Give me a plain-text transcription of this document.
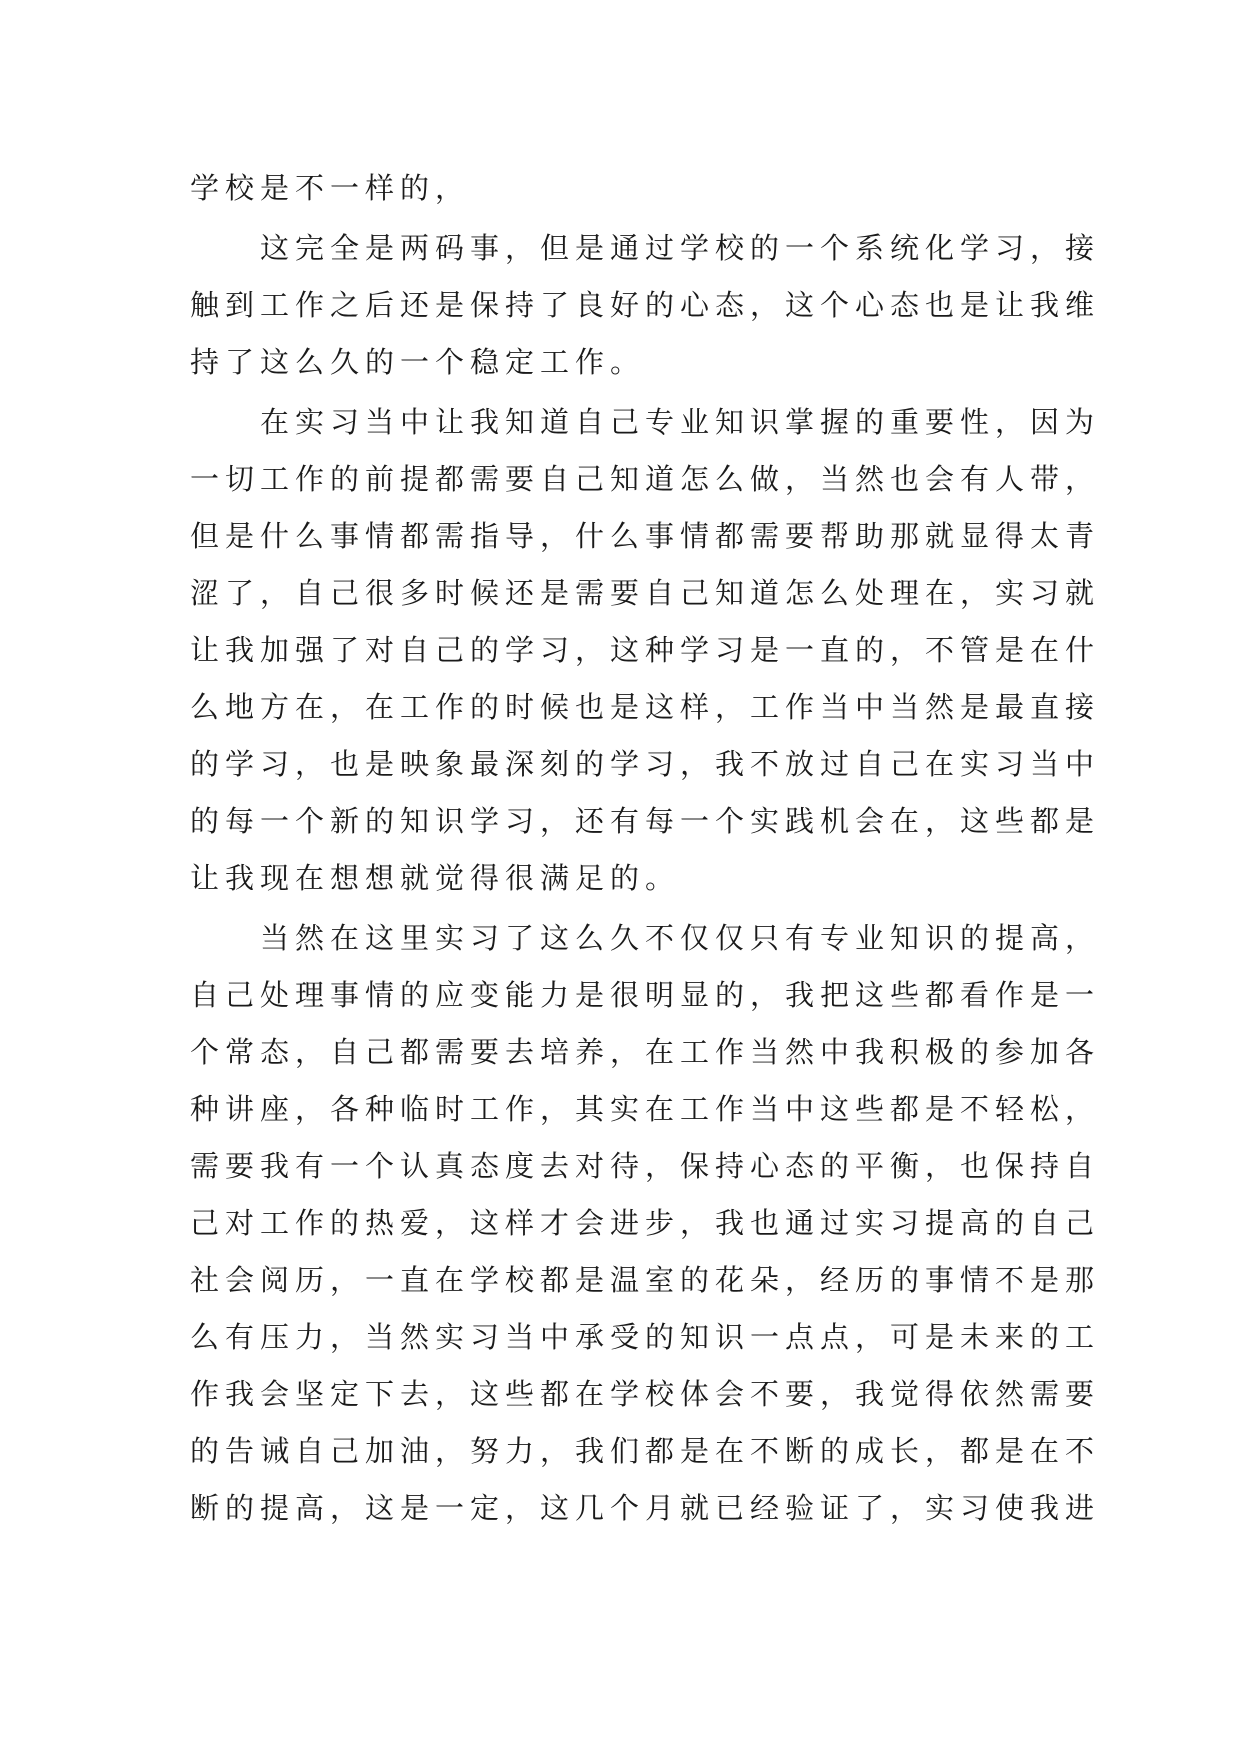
学校是不一样的，
　　这完全是两码事，但是通过学校的一个系统化学习，接
触到工作之后还是保持了良好的心态，这个心态也是让我维
持了这么久的一个稳定工作。
　　在实习当中让我知道自己专业知识掌握的重要性，因为
一切工作的前提都需要自己知道怎么做，当然也会有人带，
但是什么事情都需指导，什么事情都需要帮助那就显得太青
涩了，自己很多时候还是需要自己知道怎么处理在，实习就
让我加强了对自己的学习，这种学习是一直的，不管是在什
么地方在，在工作的时候也是这样，工作当中当然是最直接
的学习，也是映象最深刻的学习，我不放过自己在实习当中
的每一个新的知识学习，还有每一个实践机会在，这些都是
让我现在想想就觉得很满足的。
　　当然在这里实习了这么久不仅仅只有专业知识的提高，
自己处理事情的应变能力是很明显的，我把这些都看作是一
个常态，自己都需要去培养，在工作当然中我积极的参加各
种讲座，各种临时工作，其实在工作当中这些都是不轻松，
需要我有一个认真态度去对待，保持心态的平衡，也保持自
己对工作的热爱，这样才会进步，我也通过实习提高的自己
社会阅历，一直在学校都是温室的花朵，经历的事情不是那
么有压力，当然实习当中承受的知识一点点，可是未来的工
作我会坚定下去，这些都在学校体会不要，我觉得依然需要
的告诫自己加油，努力，我们都是在不断的成长，都是在不
断的提高，这是一定，这几个月就已经验证了，实习使我进
